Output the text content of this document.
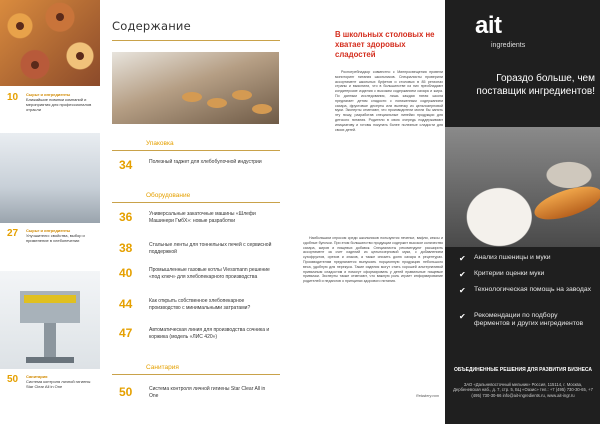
10 Сырье и ингредиенты
Ближайшие новинки компаний и мероприятия для профессионалов отрасли
27 Сырье и ингредиенты
Улучшители: свойства, выбор и применение в хлебопечении
50 Санитария
Система контроля личной гигиены Star Clear All in One
Содержание
Упаковка
34	Полезный гаджет для хлебобулочной индустрии
Оборудование
36	Универсальные закаточные машины «Шлефи Машинери ГмбХ»: новые разработки
38	Стальные ленты для тоннельных печей с сервисной поддержкой
40	Промышленные газовые котлы Viessmann решение «под ключ» для хлебопекарного производства
44	Как открыть собственное хлебопекарное производство с минимальными затратами?
47	Автоматическая линия для производства сочника и коржика (модель «ЛИС 420»)
Санитария
50	Система контроля личной гигиены Star Clear All in One
В школьных столовых не хватает здоровых сладостей

Роспотребнадзор совместно с Минпросвещения провели мониторинг питания школьников. Специалисты проверили ассортимент школьных буфетов и столовых в 85 регионах страны и выяснили, что в большинстве из них преобладают кондитерские изделия с высоким содержанием сахара и жира. По данным исследования, лишь каждая пятая школа предлагает детям сладости с пониженным содержанием сахара, фруктовые десерты или выпечку из цельнозерновой муки. Эксперты отмечают, что производители могли бы занять эту нишу, разработав специальные линейки продукции для детского питания. Родители в свою очередь поддерживают инициативу и готовы покупать более полезные сладости для своих детей.

Наибольшим спросом среди школьников пользуются печенье, вафли, кексы и сдобные булочки. При этом большинство продукции содержит высокое количество сахара, жиров и пищевых добавок. Специалисты рекомендуют расширить ассортимент за счет изделий из цельнозерновой муки, с добавлением сухофруктов, орехов и злаков, а также снизить долю сахара в рецептурах. Производителям предлагается выпускать порционную продукцию небольшого веса, удобную для перекуса. Такие изделия могут стать хорошей альтернативой привычным сладостям и помогут сформировать у детей правильные пищевые привычки. Эксперты также отмечают, что важную роль играет информирование родителей и педагогов о принципах здорового питания.

Rebakery.com
ait
ingredients
Гораздо больше, чем поставщик ингредиентов!
✔ Анализ пшеницы и муки
✔ Критерии оценки муки
✔ Технологическая помощь на заводах
✔ Рекомендации по подбору ферментов и других ингредиентов
ОБЪЕДИНЕННЫЕ РЕШЕНИЯ ДЛЯ РАЗВИТИЯ БИЗНЕСА
ЗАО «Дальневосточный мельник» Россия, 115114, г. Москва, Дербеневская наб., д. 7, стр. 5, БЦ «Оазис» тел.: +7 (495) 730-30-65, +7 (495) 730-30-66 info@ait-ingredients.ru, www.ait-ingr.ru
